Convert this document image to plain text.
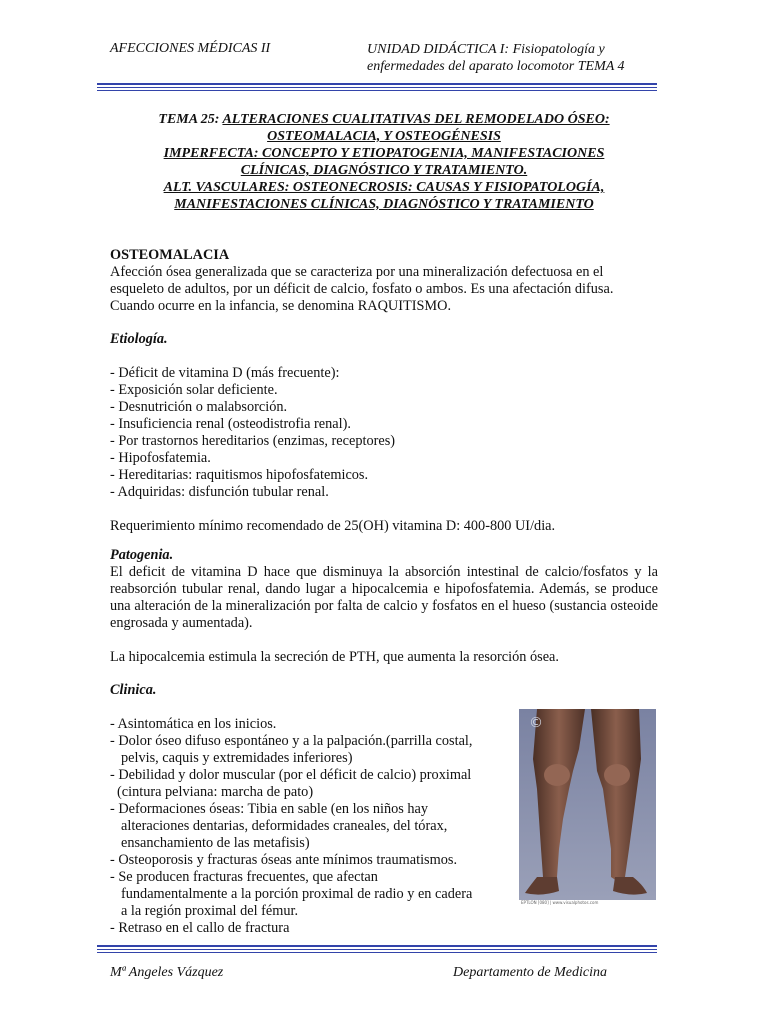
AFECCIONES MÉDICAS II	UNIDAD DIDÁCTICA I: Fisiopatología y
enfermedades del aparato locomotor TEMA 4
TEMA 25: ALTERACIONES CUALITATIVAS DEL REMODELADO ÓSEO:
OSTEOMALACIA, Y OSTEOGÉNESIS
IMPERFECTA: CONCEPTO Y ETIOPATOGENIA, MANIFESTACIONES
CLÍNICAS, DIAGNÓSTICO Y TRATAMIENTO.
ALT. VASCULARES: OSTEONECROSIS: CAUSAS Y FISIOPATOLOGÍA,
MANIFESTACIONES CLÍNICAS, DIAGNÓSTICO Y TRATAMIENTO
OSTEOMALACIA
Afección ósea generalizada que se caracteriza por una mineralización defectuosa en el esqueleto de adultos, por un déficit de calcio, fosfato o ambos. Es una afectación difusa. Cuando ocurre en la infancia, se denomina RAQUITISMO.
Etiología.
- Déficit de vitamina D (más frecuente):
- Exposición solar deficiente.
- Desnutrición o malabsorción.
- Insuficiencia renal (osteodistrofia renal).
- Por trastornos hereditarios (enzimas, receptores)
- Hipofosfatemia.
- Hereditarias: raquitismos hipofosfatemicos.
- Adquiridas: disfunción tubular renal.
Requerimiento mínimo recomendado de 25(OH) vitamina D: 400-800 UI/dia.
Patogenia.
El deficit de vitamina D hace que disminuya la absorción intestinal de calcio/fosfatos y la reabsorción tubular renal, dando lugar a hipocalcemia e hipofosfatemia. Además, se produce una alteración de la mineralización por falta de calcio y fosfatos en el hueso (sustancia osteoide engrosada y aumentada).
La hipocalcemia estimula la secreción de PTH, que aumenta la resorción ósea.
Clinica.
- Asintomática en los inicios.
- Dolor óseo difuso espontáneo y a la palpación.(parrilla costal,
pelvis, caquis y extremidades inferiores)
- Debilidad y dolor muscular (por el déficit de calcio) proximal
(cintura pelviana: marcha de pato)
- Deformaciones óseas: Tibia en sable (en los niños hay
alteraciones dentarias, deformidades craneales, del tórax,
ensanchamiento de las metafisis)
- Osteoporosis y fracturas óseas ante mínimos traumatismos.
- Se producen fracturas frecuentes, que afectan
fundamentalmente a la porción proximal de radio y en cadera
a la región proximal del fémur.
- Retraso en el callo de fractura
©
EPTLON [080] | www.visualphotos.com
Mª Angeles Vázquez	Departamento de Medicina
